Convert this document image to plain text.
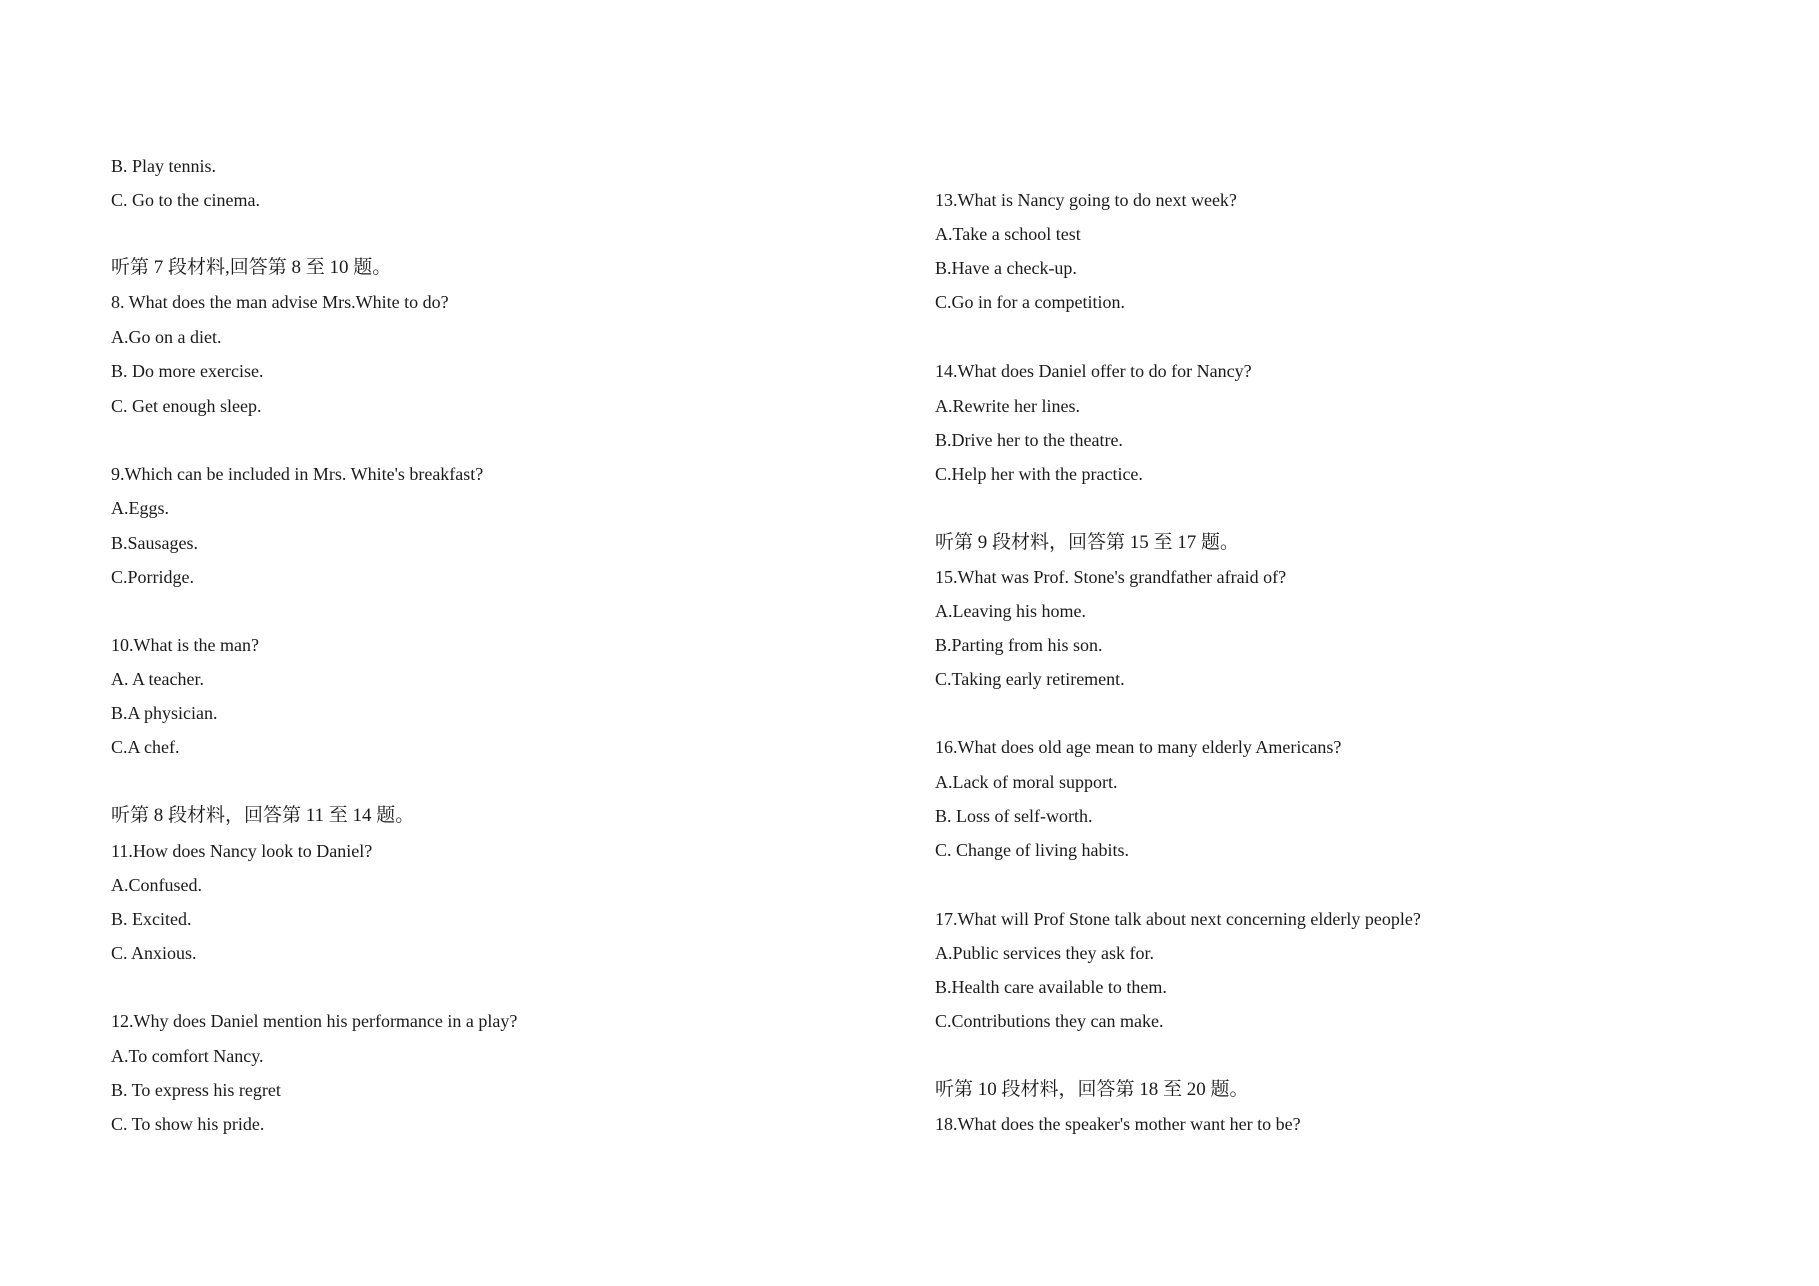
B. Play tennis.
C. Go to the cinema.
听第 7 段材料,回答第 8 至 10 题。
8. What does the man advise Mrs.White to do?
A.Go on a diet.
B. Do more exercise.
C. Get enough sleep.
9.Which can be included in Mrs. White's breakfast?
A.Eggs.
B.Sausages.
C.Porridge.
10.What is the man?
A. A teacher.
B.A physician.
C.A chef.
听第 8 段材料，回答第 11 至 14 题。
11.How does Nancy look to Daniel?
A.Confused.
B. Excited.
C. Anxious.
12.Why does Daniel mention his performance in a play?
A.To comfort Nancy.
B. To express his regret
C. To show his pride.
13.What is Nancy going to do next week?
A.Take a school test
B.Have a check-up.
C.Go in for a competition.
14.What does Daniel offer to do for Nancy?
A.Rewrite her lines.
B.Drive her to the theatre.
C.Help her with the practice.
听第 9 段材料，回答第 15 至 17 题。
15.What was Prof. Stone's grandfather afraid of?
A.Leaving his home.
B.Parting from his son.
C.Taking early retirement.
16.What does old age mean to many elderly Americans?
A.Lack of moral support.
B. Loss of self-worth.
C. Change of living habits.
17.What will Prof Stone talk about next concerning elderly people?
A.Public services they ask for.
B.Health care available to them.
C.Contributions they can make.
听第 10 段材料，回答第 18 至 20 题。
18.What does the speaker's mother want her to be?
